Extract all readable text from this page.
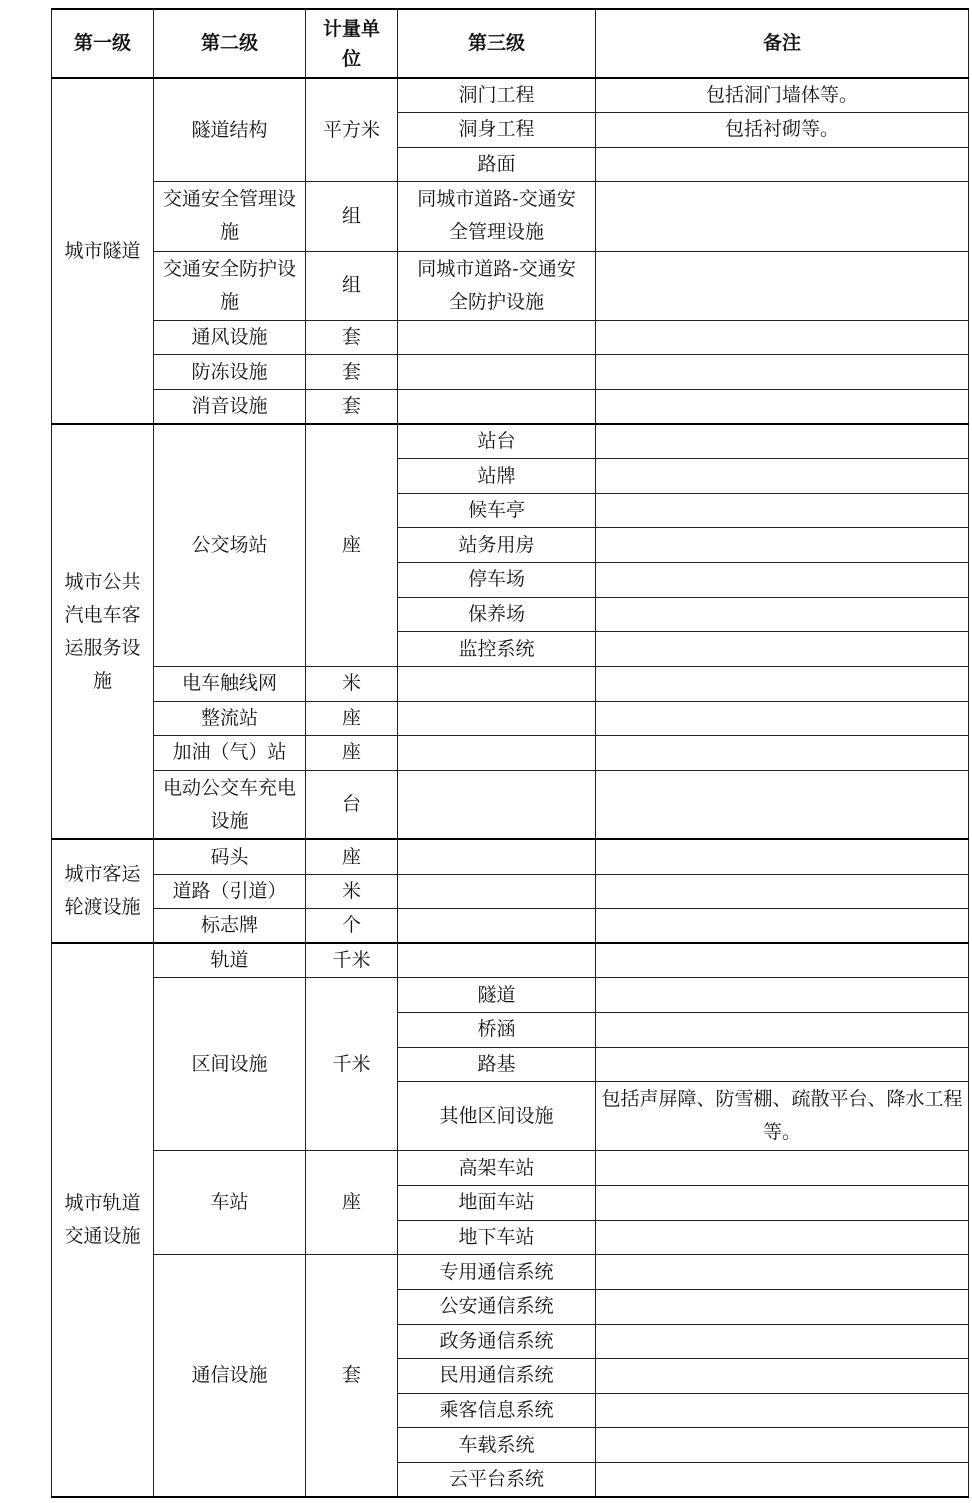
第一级	第二级	计量单位	第三级	备注
城市隧道	隧道结构	平方米	洞门工程	包括洞门墙体等。
			洞身工程	包括衬砌等。
			路面	
	交通安全管理设施	组	同城市道路-交通安全管理设施	
	交通安全防护设施	组	同城市道路-交通安全防护设施	
	通风设施	套		
	防冻设施	套		
	消音设施	套		
城市公共汽电车客运服务设施	公交场站	座	站台	
			站牌	
			候车亭	
			站务用房	
			停车场	
			保养场	
			监控系统	
	电车触线网	米		
	整流站	座		
	加油（气）站	座		
	电动公交车充电设施	台		
城市客运轮渡设施	码头	座		
	道路（引道）	米		
	标志牌	个		
城市轨道交通设施	轨道	千米		
	区间设施	千米	隧道	
			桥涵	
			路基	
			其他区间设施	包括声屏障、防雪棚、疏散平台、降水工程等。
	车站	座	高架车站	
			地面车站	
			地下车站	
	通信设施	套	专用通信系统	
			公安通信系统	
			政务通信系统	
			民用通信系统	
			乘客信息系统	
			车载系统	
			云平台系统	
